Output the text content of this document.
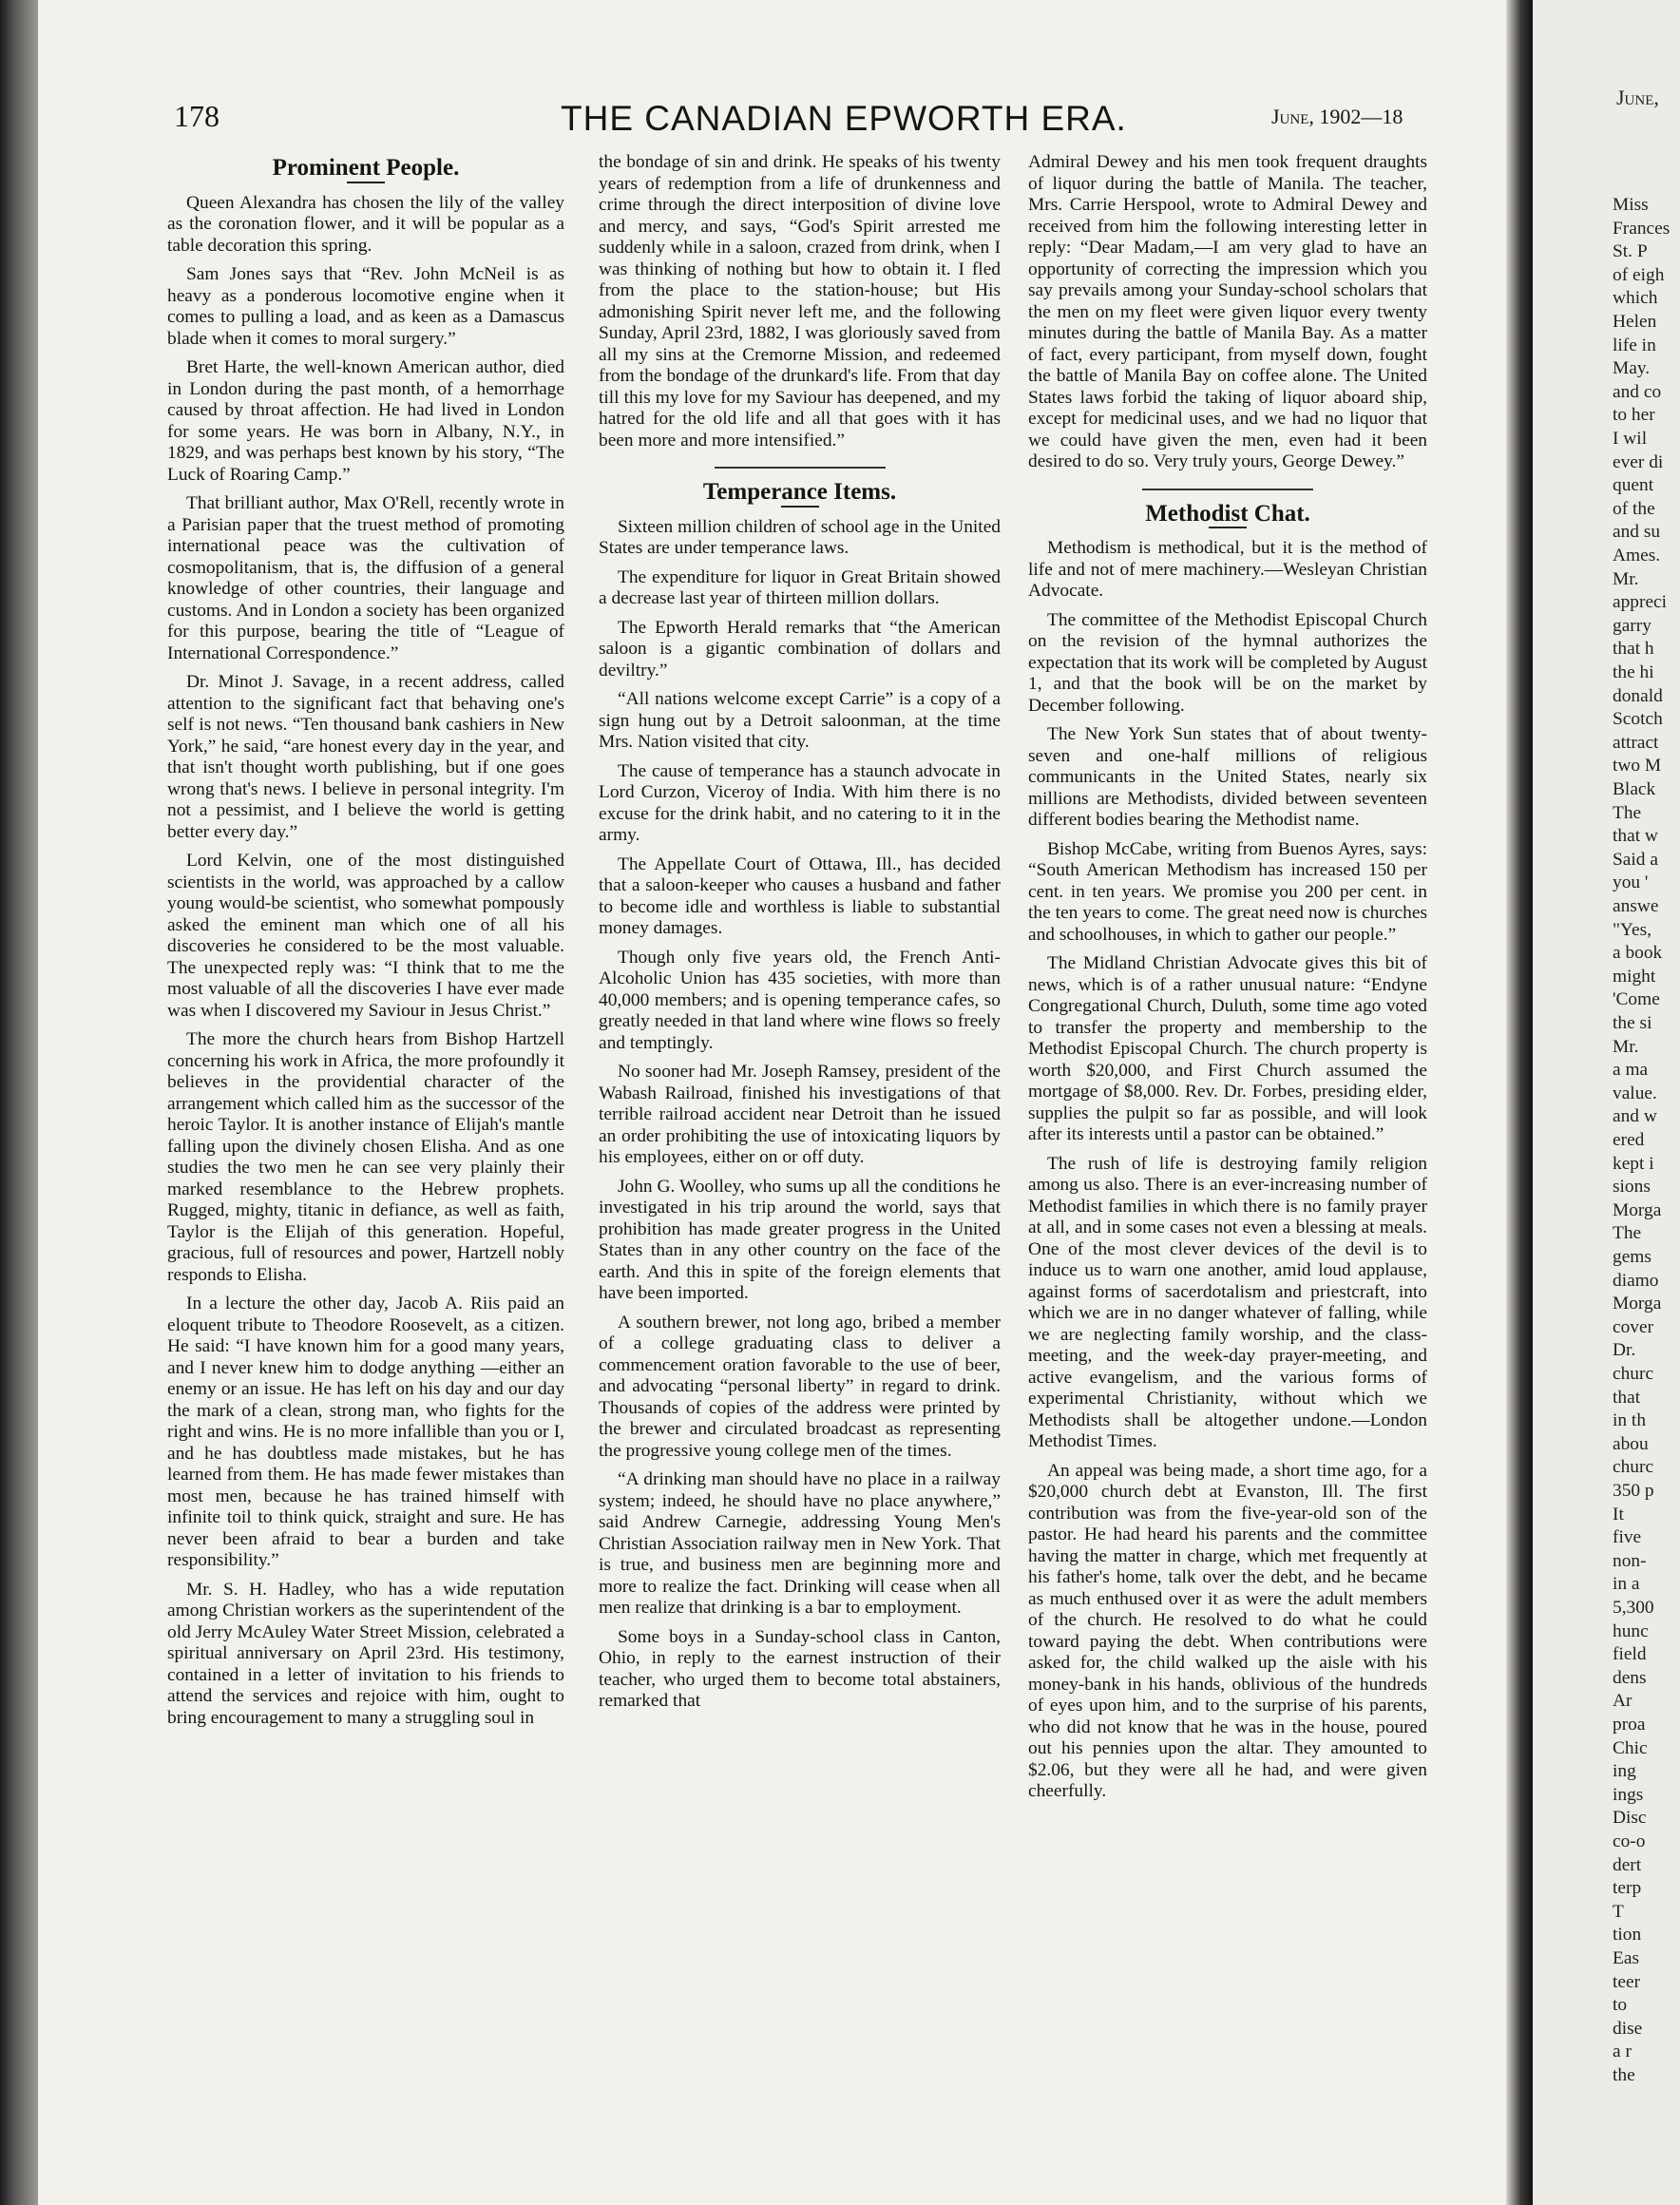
June,
Miss
Frances
St. P
of eigh
which
Helen
life in
May.
and co
to her
I wil
ever di
quent
of the
and su
Ames.
Mr.
appreci
garry
that h
the hi
donald
Scotch
attract
two M
Black
The
that w
Said a
you '
answe
"Yes,
a book
might
'Come
the si
Mr.
a ma
value.
and w
ered
kept i
sions
Morga
The
gems
diamo
Morga
cover
Dr.
churc
that
in th
abou
churc
350 p
It
five
non-
in a
5,300
hunc
field
dens
Ar
proa
Chic
ing
ings
Disc
co-o
dert
terp
T
tion
Eas
teer
to
dise
a r
the
178	THE CANADIAN EPWORTH ERA.	June, 1902—18
Prominent People.

Queen Alexandra has chosen the lily of the valley as the coronation flower, and it will be popular as a table decoration this spring.

Sam Jones says that “Rev. John McNeil is as heavy as a ponderous locomotive engine when it comes to pulling a load, and as keen as a Damascus blade when it comes to moral surgery.”

Bret Harte, the well-known American author, died in London during the past month, of a hemorrhage caused by throat affection. He had lived in London for some years. He was born in Albany, N.Y., in 1829, and was perhaps best known by his story, “The Luck of Roaring Camp.”

That brilliant author, Max O'Rell, recently wrote in a Parisian paper that the truest method of promoting international peace was the cultivation of cosmopolitanism, that is, the diffusion of a general knowledge of other countries, their language and customs. And in London a society has been organized for this purpose, bearing the title of “League of International Correspondence.”

Dr. Minot J. Savage, in a recent address, called attention to the significant fact that behaving one's self is not news. “Ten thousand bank cashiers in New York,” he said, “are honest every day in the year, and that isn't thought worth publishing, but if one goes wrong that's news. I believe in personal integrity. I'm not a pessimist, and I believe the world is getting better every day.”

Lord Kelvin, one of the most distinguished scientists in the world, was approached by a callow young would-be scientist, who somewhat pompously asked the eminent man which one of all his discoveries he considered to be the most valuable. The unexpected reply was: “I think that to me the most valuable of all the discoveries I have ever made was when I discovered my Saviour in Jesus Christ.”

The more the church hears from Bishop Hartzell concerning his work in Africa, the more profoundly it believes in the providential character of the arrangement which called him as the successor of the heroic Taylor. It is another instance of Elijah's mantle falling upon the divinely chosen Elisha. And as one studies the two men he can see very plainly their marked resemblance to the Hebrew prophets. Rugged, mighty, titanic in defiance, as well as faith, Taylor is the Elijah of this generation. Hopeful, gracious, full of resources and power, Hartzell nobly responds to Elisha.

In a lecture the other day, Jacob A. Riis paid an eloquent tribute to Theodore Roosevelt, as a citizen. He said: “I have known him for a good many years, and I never knew him to dodge anything —either an enemy or an issue. He has left on his day and our day the mark of a clean, strong man, who fights for the right and wins. He is no more infallible than you or I, and he has doubtless made mistakes, but he has learned from them. He has made fewer mistakes than most men, because he has trained himself with infinite toil to think quick, straight and sure. He has never been afraid to bear a burden and take responsibility.”

Mr. S. H. Hadley, who has a wide reputation among Christian workers as the superintendent of the old Jerry McAuley Water Street Mission, celebrated a spiritual anniversary on April 23rd. His testimony, contained in a letter of invitation to his friends to attend the services and rejoice with him, ought to bring encouragement to many a struggling soul in

the bondage of sin and drink. He speaks of his twenty years of redemption from a life of drunkenness and crime through the direct interposition of divine love and mercy, and says, “God's Spirit arrested me suddenly while in a saloon, crazed from drink, when I was thinking of nothing but how to obtain it. I fled from the place to the station-house; but His admonishing Spirit never left me, and the following Sunday, April 23rd, 1882, I was gloriously saved from all my sins at the Cremorne Mission, and redeemed from the bondage of the drunkard's life. From that day till this my love for my Saviour has deepened, and my hatred for the old life and all that goes with it has been more and more intensified.”

Temperance Items.

Sixteen million children of school age in the United States are under temperance laws.

The expenditure for liquor in Great Britain showed a decrease last year of thirteen million dollars.

The Epworth Herald remarks that “the American saloon is a gigantic combination of dollars and deviltry.”

“All nations welcome except Carrie” is a copy of a sign hung out by a Detroit saloonman, at the time Mrs. Nation visited that city.

The cause of temperance has a staunch advocate in Lord Curzon, Viceroy of India. With him there is no excuse for the drink habit, and no catering to it in the army.

The Appellate Court of Ottawa, Ill., has decided that a saloon-keeper who causes a husband and father to become idle and worthless is liable to substantial money damages.

Though only five years old, the French Anti-Alcoholic Union has 435 societies, with more than 40,000 members; and is opening temperance cafes, so greatly needed in that land where wine flows so freely and temptingly.

No sooner had Mr. Joseph Ramsey, president of the Wabash Railroad, finished his investigations of that terrible railroad accident near Detroit than he issued an order prohibiting the use of intoxicating liquors by his employees, either on or off duty.

John G. Woolley, who sums up all the conditions he investigated in his trip around the world, says that prohibition has made greater progress in the United States than in any other country on the face of the earth. And this in spite of the foreign elements that have been imported.

A southern brewer, not long ago, bribed a member of a college graduating class to deliver a commencement oration favorable to the use of beer, and advocating “personal liberty” in regard to drink. Thousands of copies of the address were printed by the brewer and circulated broadcast as representing the progressive young college men of the times.

“A drinking man should have no place in a railway system; indeed, he should have no place anywhere,” said Andrew Carnegie, addressing Young Men's Christian Association railway men in New York. That is true, and business men are beginning more and more to realize the fact. Drinking will cease when all men realize that drinking is a bar to employment.

Some boys in a Sunday-school class in Canton, Ohio, in reply to the earnest instruction of their teacher, who urged them to become total abstainers, remarked that

Admiral Dewey and his men took frequent draughts of liquor during the battle of Manila. The teacher, Mrs. Carrie Herspool, wrote to Admiral Dewey and received from him the following interesting letter in reply: “Dear Madam,—I am very glad to have an opportunity of correcting the impression which you say prevails among your Sunday-school scholars that the men on my fleet were given liquor every twenty minutes during the battle of Manila Bay. As a matter of fact, every participant, from myself down, fought the battle of Manila Bay on coffee alone. The United States laws forbid the taking of liquor aboard ship, except for medicinal uses, and we had no liquor that we could have given the men, even had it been desired to do so. Very truly yours, George Dewey.”

Methodist Chat.

Methodism is methodical, but it is the method of life and not of mere machinery.—Wesleyan Christian Advocate.

The committee of the Methodist Episcopal Church on the revision of the hymnal authorizes the expectation that its work will be completed by August 1, and that the book will be on the market by December following.

The New York Sun states that of about twenty-seven and one-half millions of religious communicants in the United States, nearly six millions are Methodists, divided between seventeen different bodies bearing the Methodist name.

Bishop McCabe, writing from Buenos Ayres, says: “South American Methodism has increased 150 per cent. in ten years. We promise you 200 per cent. in the ten years to come. The great need now is churches and schoolhouses, in which to gather our people.”

The Midland Christian Advocate gives this bit of news, which is of a rather unusual nature: “Endyne Congregational Church, Duluth, some time ago voted to transfer the property and membership to the Methodist Episcopal Church. The church property is worth $20,000, and First Church assumed the mortgage of $8,000. Rev. Dr. Forbes, presiding elder, supplies the pulpit so far as possible, and will look after its interests until a pastor can be obtained.”

The rush of life is destroying family religion among us also. There is an ever-increasing number of Methodist families in which there is no family prayer at all, and in some cases not even a blessing at meals. One of the most clever devices of the devil is to induce us to warn one another, amid loud applause, against forms of sacerdotalism and priestcraft, into which we are in no danger whatever of falling, while we are neglecting family worship, and the class-meeting, and the week-day prayer-meeting, and active evangelism, and the various forms of experimental Christianity, without which we Methodists shall be altogether undone.—London Methodist Times.

An appeal was being made, a short time ago, for a $20,000 church debt at Evanston, Ill. The first contribution was from the five-year-old son of the pastor. He had heard his parents and the committee having the matter in charge, which met frequently at his father's home, talk over the debt, and he became as much enthused over it as were the adult members of the church. He resolved to do what he could toward paying the debt. When contributions were asked for, the child walked up the aisle with his money-bank in his hands, oblivious of the hundreds of eyes upon him, and to the surprise of his parents, who did not know that he was in the house, poured out his pennies upon the altar. They amounted to $2.06, but they were all he had, and were given cheerfully.
